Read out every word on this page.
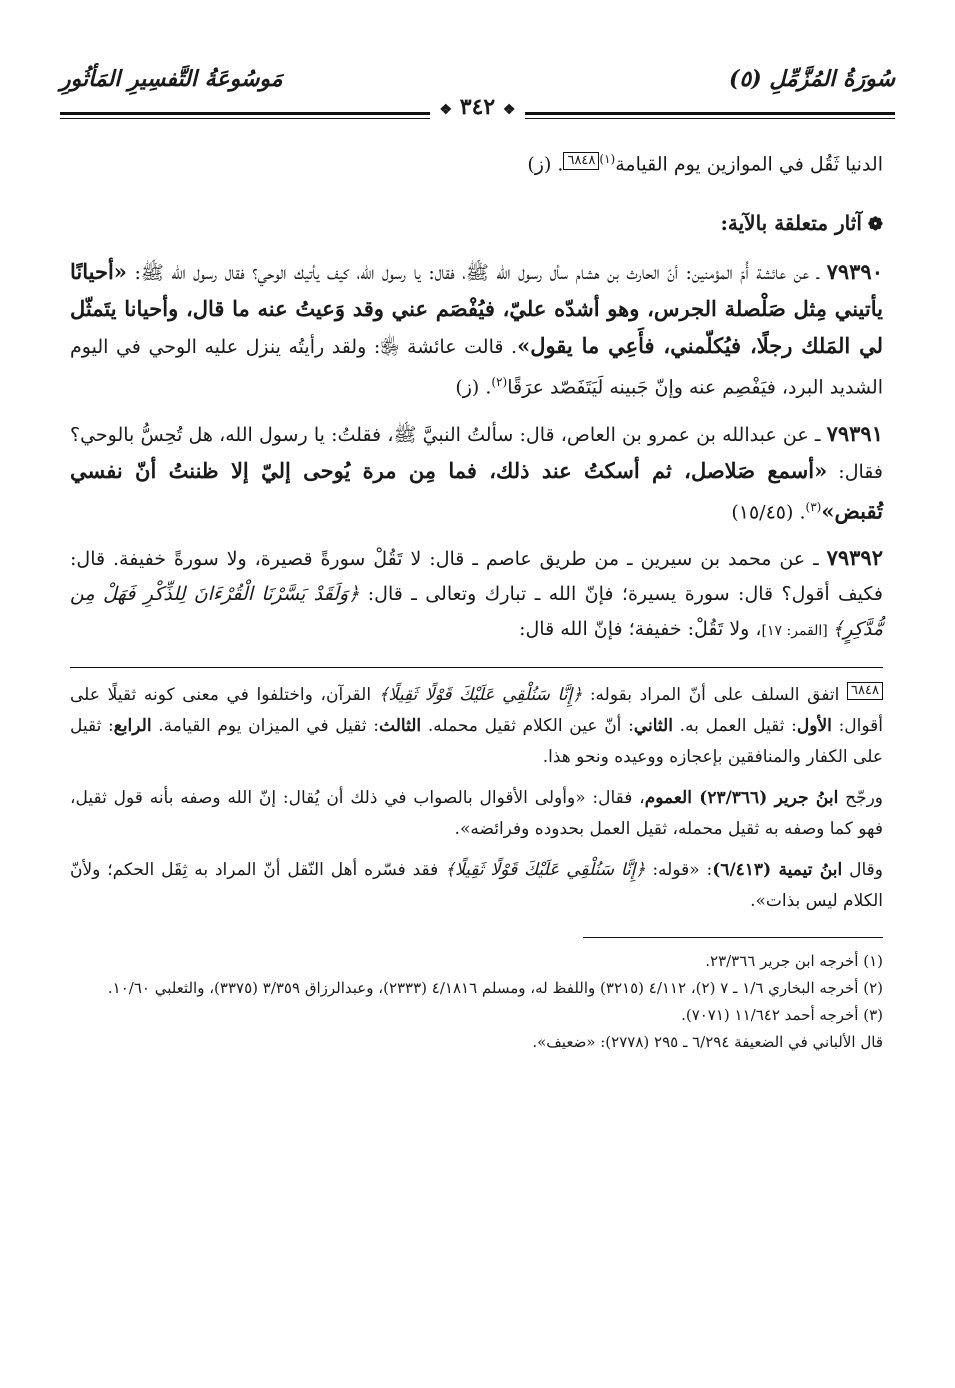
سُورَةُ المُزَّمِّلِ (٥)
مَوسُوعَةُ التَّفسِيرِ المَأثُورِ
❖ ٣٤٢ ❖

الدنيا ثَقُل في الموازين يوم القيامة$^{(١)}$٦٨٤٨. (ز)

❁آثار متعلقة بالآية:

٧٩٣٩٠ ـ عن عائشة أُمّ المؤمنين: أنّ الحارث بن هشام سأل رسول الله ﷺ، فقال: يا رسول الله، كيف يأتيك الوحي؟ فقال رسول الله ﷺ: «أحيانًا يأتيني مِثل صَلْصلة الجرس، وهو أشدّه عليّ، فيُفْصَم عني وقد وَعيتُ عنه ما قال، وأحيانا يتَمثّل لي المَلك رجلًا، فيُكلّمني، فأَعِي ما يقول». قالت عائشة ﵂: ولقد رأيتُه ينزل عليه الوحي في اليوم الشديد البرد، فيَفْصِم عنه وإنّ جَبينه لَيَتَفَصّد عرَقًا$^{(٢)}$. (ز)

٧٩٣٩١ ـ عن عبدالله بن عمرو بن العاص، قال: سألتُ النبيَّ ﷺ، فقلتُ: يا رسول الله، هل تُحِسُّ بالوحي؟ فقال: «أسمع صَلاصل، ثم أسكتُ عند ذلك، فما مِن مرة يُوحى إليّ إلا ظننتُ أنّ نفسي تُقبض»$^{(٣)}$. (١٥/٤٥)

٧٩٣٩٢ ـ عن محمد بن سيرين ـ من طريق عاصم ـ قال: لا تَقُلْ سورةً قصيرة، ولا سورةً خفيفة. قال: فكيف أقول؟ قال: سورة يسيرة؛ فإنّ الله ـ تبارك وتعالى ـ قال: ﴿وَلَقَدْ يَسَّرْنَا الْقُرْءَانَ لِلذِّكْرِ فَهَلْ مِن مُّدَّكِرٍ﴾ [القمر: ١٧]، ولا تَقُلْ: خفيفة؛ فإنّ الله قال:

٦٨٤٨ اتفق السلف على أنّ المراد بقوله: ﴿إِنَّا سَنُلْقِي عَلَيْكَ قَوْلًا ثَقِيلًا﴾ القرآن، واختلفوا في معنى كونه ثقيلًا على أقوال: الأول: ثقيل العمل به. الثاني: أنّ عين الكلام ثقيل محمله. الثالث: ثقيل في الميزان يوم القيامة. الرابع: ثقيل على الكفار والمنافقين بإعجازه ووعيده ونحو هذا.

ورجّح ابنُ جرير (٢٣/٣٦٦) العموم، فقال: «وأولى الأقوال بالصواب في ذلك أن يُقال: إنّ الله وصفه بأنه قول ثقيل، فهو كما وصفه به ثقيل محمله، ثقيل العمل بحدوده وفرائضه».

وقال ابنُ تيمية (٦/٤١٣): «قوله: ﴿إِنَّا سَنُلْقِي عَلَيْكَ قَوْلًا ثَقِيلًا﴾ فقد فسّره أهل النّقل أنّ المراد به ثِقَل الحكم؛ ولأنّ الكلام ليس بذات».

(١) أخرجه ابن جرير ٢٣/٣٦٦.

(٢) أخرجه البخاري ١/٦ ـ ٧ (٢)، ٤/١١٢ (٣٢١٥) واللفظ له، ومسلم ٤/١٨١٦ (٢٣٣٣)، وعبدالرزاق ٣/٣٥٩ (٣٣٧٥)، والثعلبي ١٠/٦٠.

(٣) أخرجه أحمد ١١/٦٤٢ (٧٠٧١).

قال الألباني في الضعيفة ٦/٢٩٤ ـ ٢٩٥ (٢٧٧٨): «ضعيف».
